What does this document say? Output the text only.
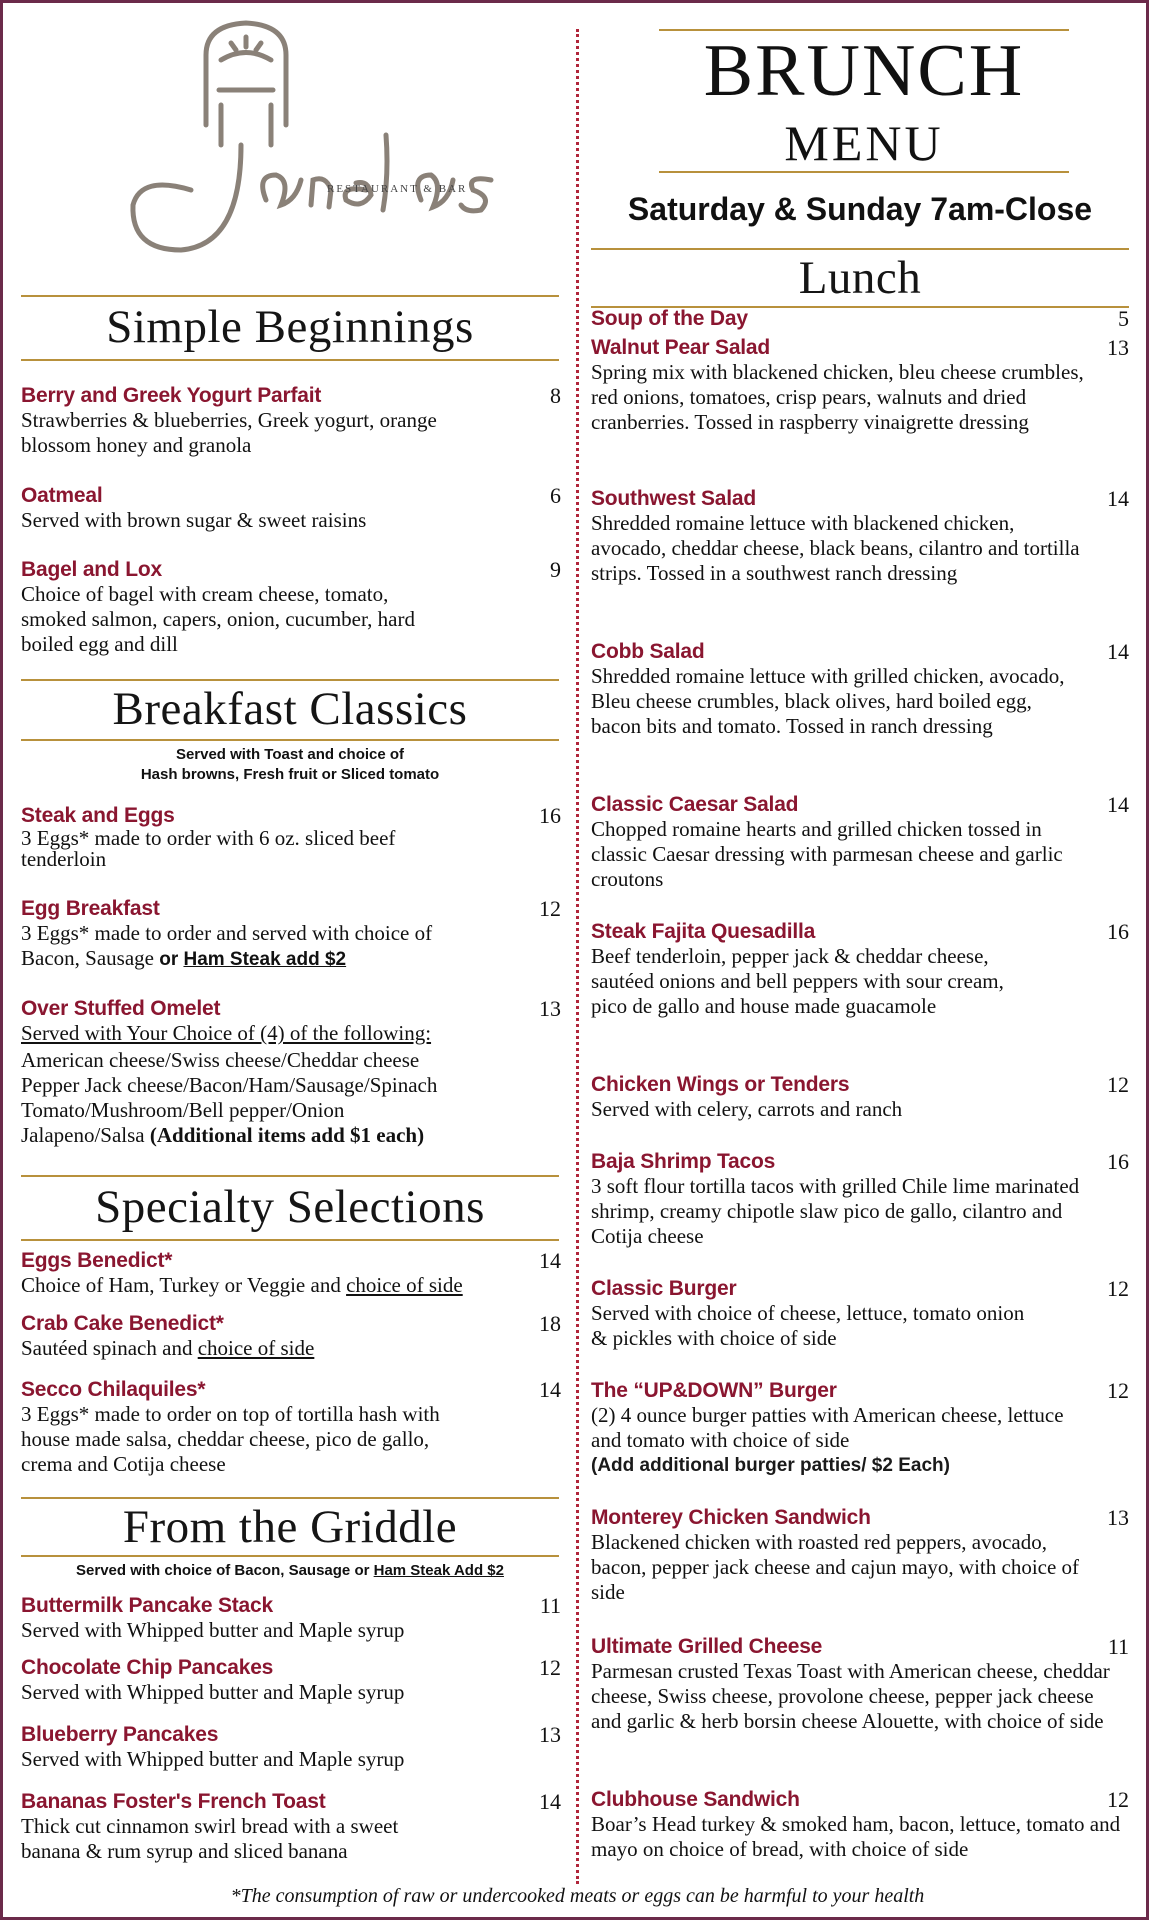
RESTAURANT & BAR
Simple Beginnings
Berry and Greek Yogurt Parfait	8
Strawberries & blueberries, Greek yogurt, orange blossom honey and granola
Oatmeal	6
Served with brown sugar & sweet raisins
Bagel and Lox	9
Choice of bagel with cream cheese, tomato, smoked salmon, capers, onion, cucumber, hard boiled egg and dill
Breakfast Classics
Served with Toast and choice of
Hash browns, Fresh fruit or Sliced tomato
Steak and Eggs	16
3 Eggs* made to order with 6 oz. sliced beef tenderloin
Egg Breakfast	12
3 Eggs* made to order and served with choice of Bacon, Sausage or Ham Steak add $2
Over Stuffed Omelet	13
Served with Your Choice of (4) of the following:
American cheese/Swiss cheese/Cheddar cheese
Pepper Jack cheese/Bacon/Ham/Sausage/Spinach
Tomato/Mushroom/Bell pepper/Onion
Jalapeno/Salsa (Additional items add $1 each)
Specialty Selections
Eggs Benedict*	14
Choice of Ham, Turkey or Veggie and choice of side
Crab Cake Benedict*	18
Sautéed spinach and choice of side
Secco Chilaquiles*	14
3 Eggs* made to order on top of tortilla hash with house made salsa, cheddar cheese, pico de gallo, crema and Cotija cheese
From the Griddle
Served with choice of Bacon, Sausage or Ham Steak Add $2
Buttermilk Pancake Stack	11
Served with Whipped butter and Maple syrup
Chocolate Chip Pancakes	12
Served with Whipped butter and Maple syrup
Blueberry Pancakes	13
Served with Whipped butter and Maple syrup
Bananas Foster's French Toast	14
Thick cut cinnamon swirl bread with a sweet banana & rum syrup and sliced banana
BRUNCH
MENU
Saturday & Sunday 7am-Close
Lunch
Soup of the Day	5
Walnut Pear Salad	13
Spring mix with blackened chicken, bleu cheese crumbles, red onions, tomatoes, crisp pears, walnuts and dried cranberries. Tossed in raspberry vinaigrette dressing
Southwest Salad	14
Shredded romaine lettuce with blackened chicken, avocado, cheddar cheese, black beans, cilantro and tortilla strips. Tossed in a southwest ranch dressing
Cobb Salad	14
Shredded romaine lettuce with grilled chicken, avocado, Bleu cheese crumbles, black olives, hard boiled egg, bacon bits and tomato. Tossed in ranch dressing
Classic Caesar Salad	14
Chopped romaine hearts and grilled chicken tossed in classic Caesar dressing with parmesan cheese and garlic croutons
Steak Fajita Quesadilla	16
Beef tenderloin, pepper jack & cheddar cheese, sautéed onions and bell peppers with sour cream, pico de gallo and house made guacamole
Chicken Wings or Tenders	12
Served with celery, carrots and ranch
Baja Shrimp Tacos	16
3 soft flour tortilla tacos with grilled Chile lime marinated shrimp, creamy chipotle slaw pico de gallo, cilantro and Cotija cheese
Classic Burger	12
Served with choice of cheese, lettuce, tomato onion & pickles with choice of side
The “UP&DOWN” Burger	12
(2) 4 ounce burger patties with American cheese, lettuce and tomato with choice of side
(Add additional burger patties/ $2 Each)
Monterey Chicken Sandwich	13
Blackened chicken with roasted red peppers, avocado, bacon, pepper jack cheese and cajun mayo, with choice of side
Ultimate Grilled Cheese	11
Parmesan crusted Texas Toast with American cheese, cheddar cheese, Swiss cheese, provolone cheese, pepper jack cheese and garlic & herb borsin cheese Alouette, with choice of side
Clubhouse Sandwich	12
Boar’s Head turkey & smoked ham, bacon, lettuce, tomato and mayo on choice of bread, with choice of side
*The consumption of raw or undercooked meats or eggs can be harmful to your health
